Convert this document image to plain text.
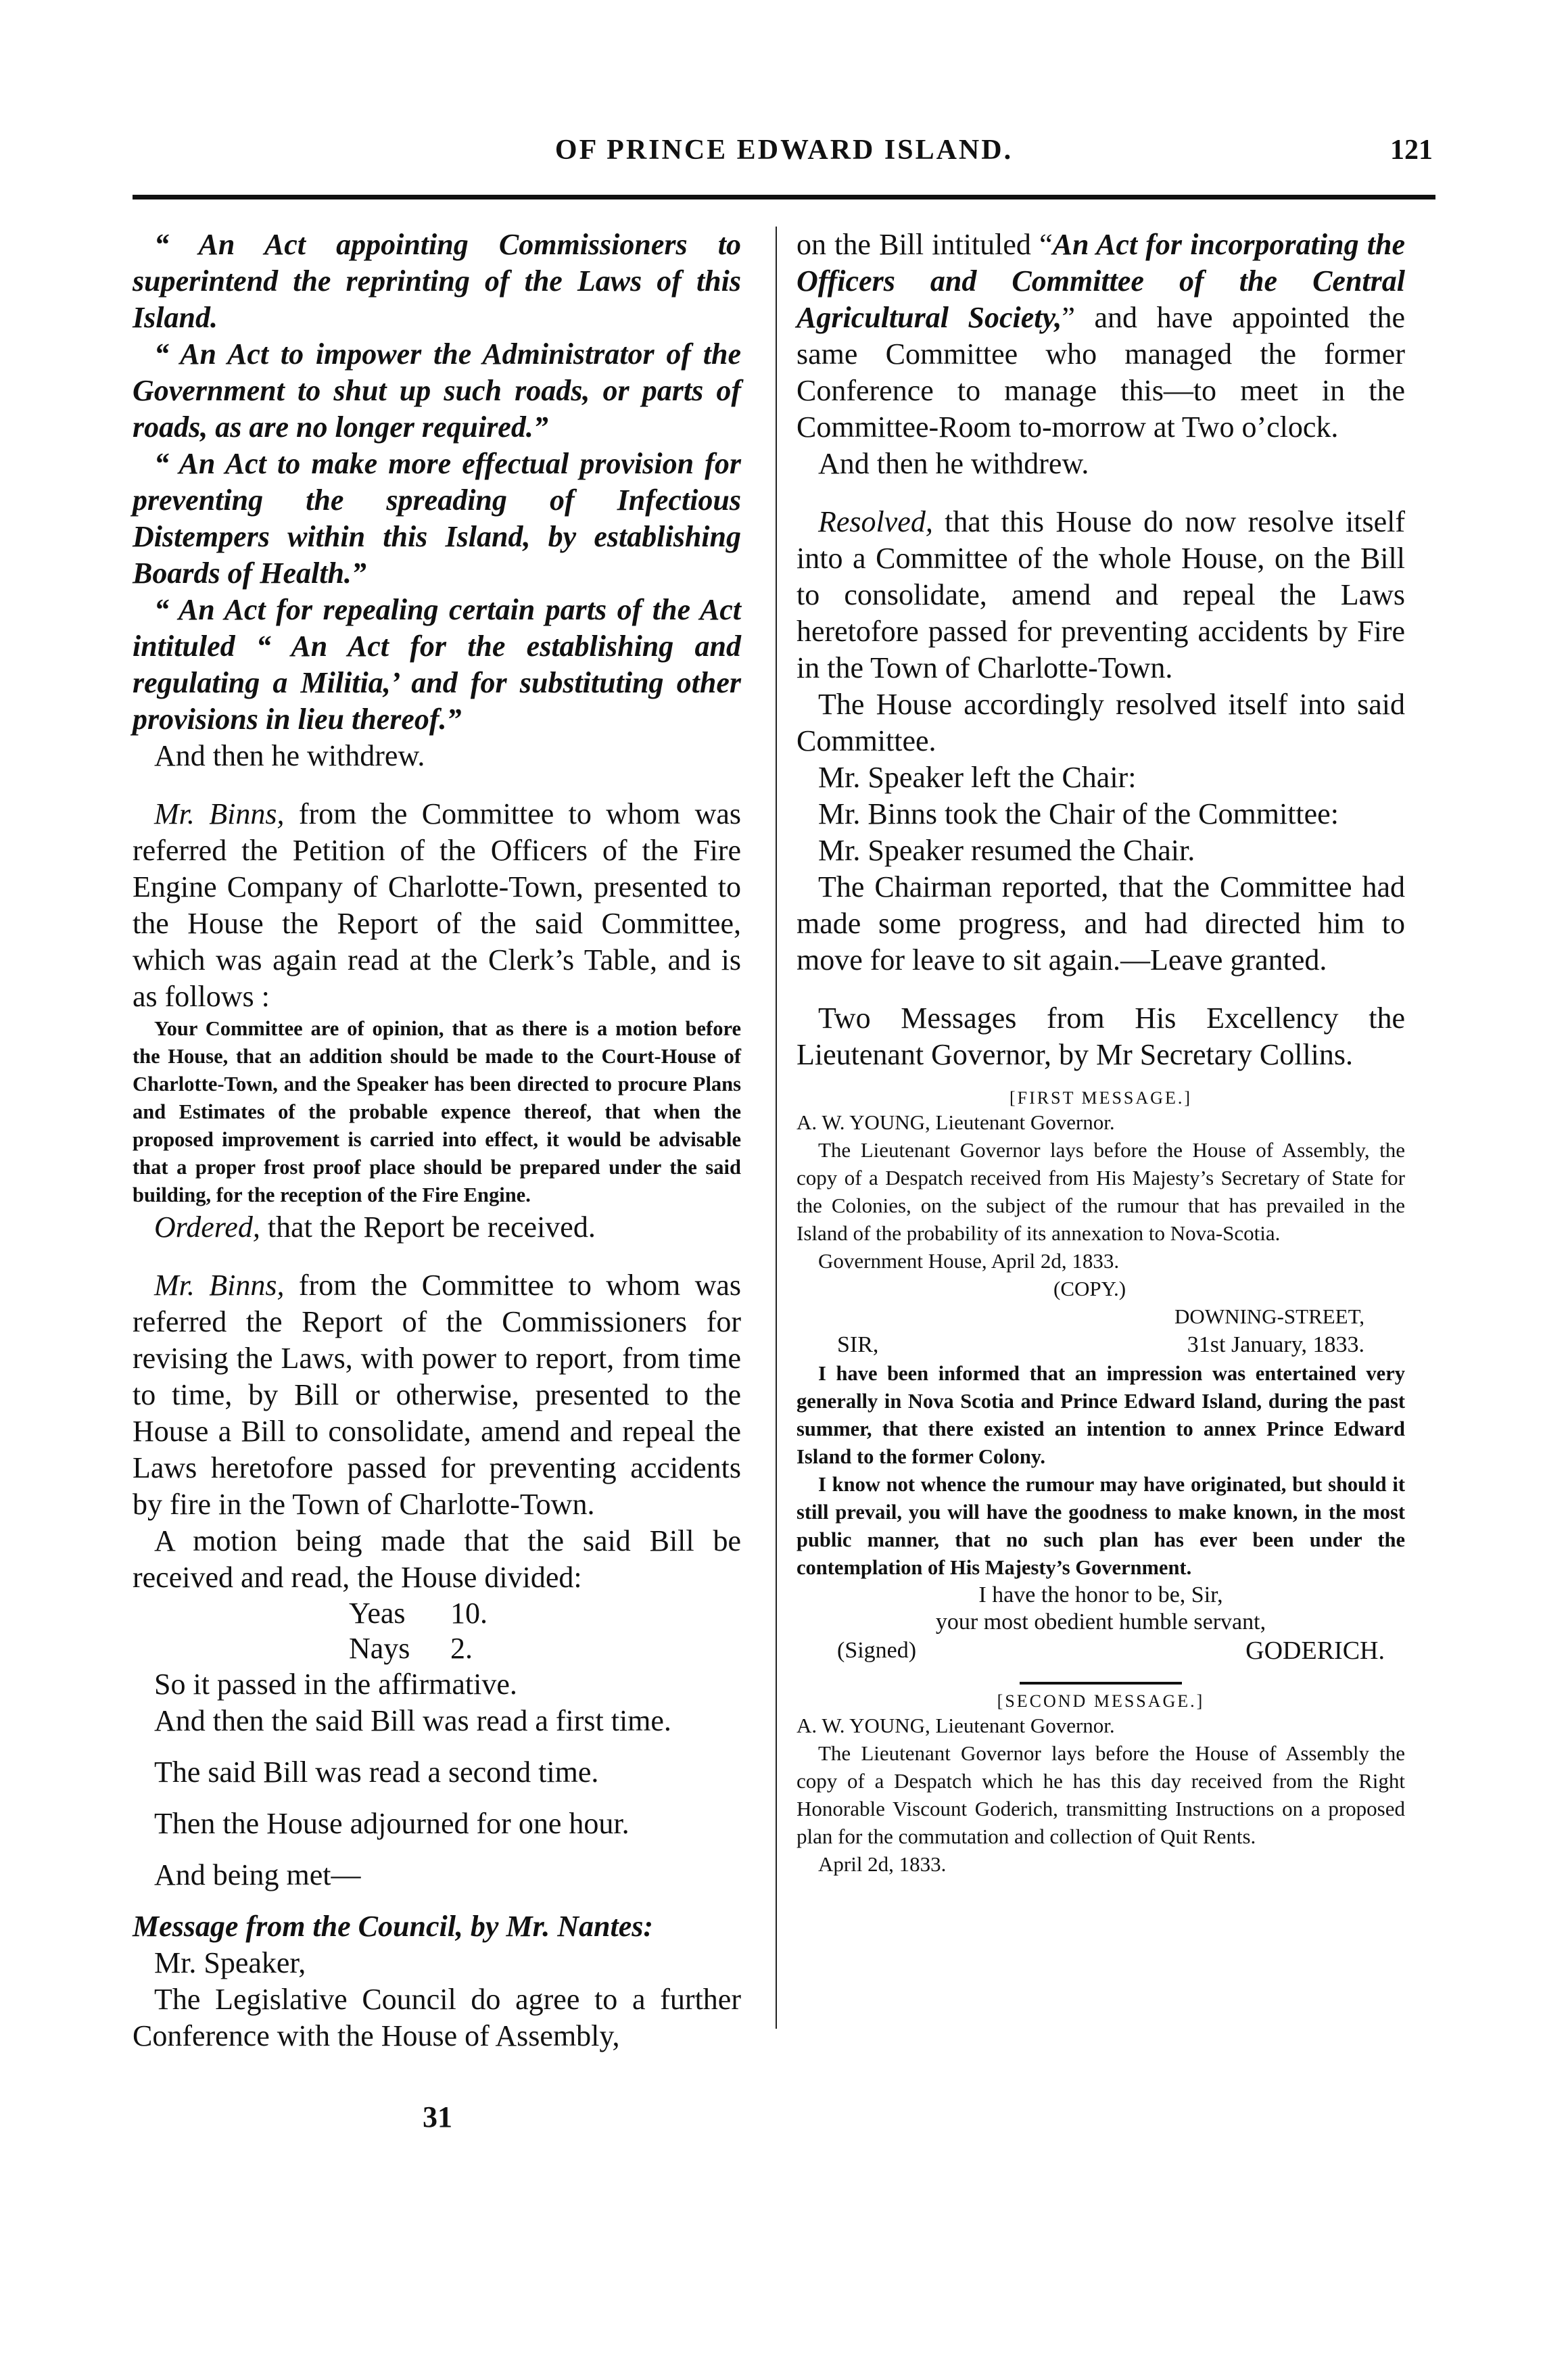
OF PRINCE EDWARD ISLAND.	121

“ An Act appointing Commissioners to superintend the reprinting of the Laws of this Island.

“ An Act to impower the Administrator of the Government to shut up such roads, or parts of roads, as are no longer required.”

“ An Act to make more effectual provision for preventing the spreading of Infectious Distempers within this Island, by establishing Boards of Health.”

“ An Act for repealing certain parts of the Act intituled “ An Act for the establishing and regulating a Militia,’ and for substituting other provisions in lieu thereof.”

And then he withdrew.

Mr. Binns, from the Committee to whom was referred the Petition of the Officers of the Fire Engine Company of Charlotte-Town, presented to the House the Report of the said Committee, which was again read at the Clerk’s Table, and is as follows :

Your Committee are of opinion, that as there is a motion before the House, that an addition should be made to the Court-House of Charlotte-Town, and the Speaker has been directed to procure Plans and Estimates of the probable expence thereof, that when the proposed improvement is carried into effect, it would be advisable that a proper frost proof place should be prepared under the said building, for the reception of the Fire Engine.

Ordered, that the Report be received.

Mr. Binns, from the Committee to whom was referred the Report of the Commissioners for revising the Laws, with power to report, from time to time, by Bill or otherwise, presented to the House a Bill to consolidate, amend and repeal the Laws heretofore passed for preventing accidents by fire in the Town of Charlotte-Town.

A motion being made that the said Bill be received and read, the House divided:

Yeas 10.
Nays 2.

So it passed in the affirmative.

And then the said Bill was read a first time.

The said Bill was read a second time.

Then the House adjourned for one hour.

And being met—

Message from the Council, by Mr. Nantes:

Mr. Speaker,

The Legislative Council do agree to a further Conference with the House of Assembly,

on the Bill intituled “An Act for incorporating the Officers and Committee of the Central Agricultural Society,” and have appointed the same Committee who managed the former Conference to manage this—to meet in the Committee-Room to-morrow at Two o’clock.

And then he withdrew.

Resolved, that this House do now resolve itself into a Committee of the whole House, on the Bill to consolidate, amend and repeal the Laws heretofore passed for preventing accidents by Fire in the Town of Charlotte-Town.

The House accordingly resolved itself into said Committee.

Mr. Speaker left the Chair:

Mr. Binns took the Chair of the Committee:

Mr. Speaker resumed the Chair.

The Chairman reported, that the Committee had made some progress, and had directed him to move for leave to sit again.—Leave granted.

Two Messages from His Excellency the Lieutenant Governor, by Mr Secretary Collins.

[FIRST MESSAGE.]

A. W. YOUNG, Lieutenant Governor.

The Lieutenant Governor lays before the House of Assembly, the copy of a Despatch received from His Majesty’s Secretary of State for the Colonies, on the subject of the rumour that has prevailed in the Island of the probability of its annexation to Nova-Scotia.

Government House, April 2d, 1833.

(COPY.)

DOWNING-STREET,

SIR,	31st January, 1833.

I have been informed that an impression was entertained very generally in Nova Scotia and Prince Edward Island, during the past summer, that there existed an intention to annex Prince Edward Island to the former Colony.

I know not whence the rumour may have originated, but should it still prevail, you will have the goodness to make known, in the most public manner, that no such plan has ever been under the contemplation of His Majesty’s Government.

I have the honor to be, Sir,

your most obedient humble servant,

(Signed)	GODERICH.

[SECOND MESSAGE.]

A. W. YOUNG, Lieutenant Governor.

The Lieutenant Governor lays before the House of Assembly the copy of a Despatch which he has this day received from the Right Honorable Viscount Goderich, transmitting Instructions on a proposed plan for the commutation and collection of Quit Rents.

April 2d, 1833.

31
